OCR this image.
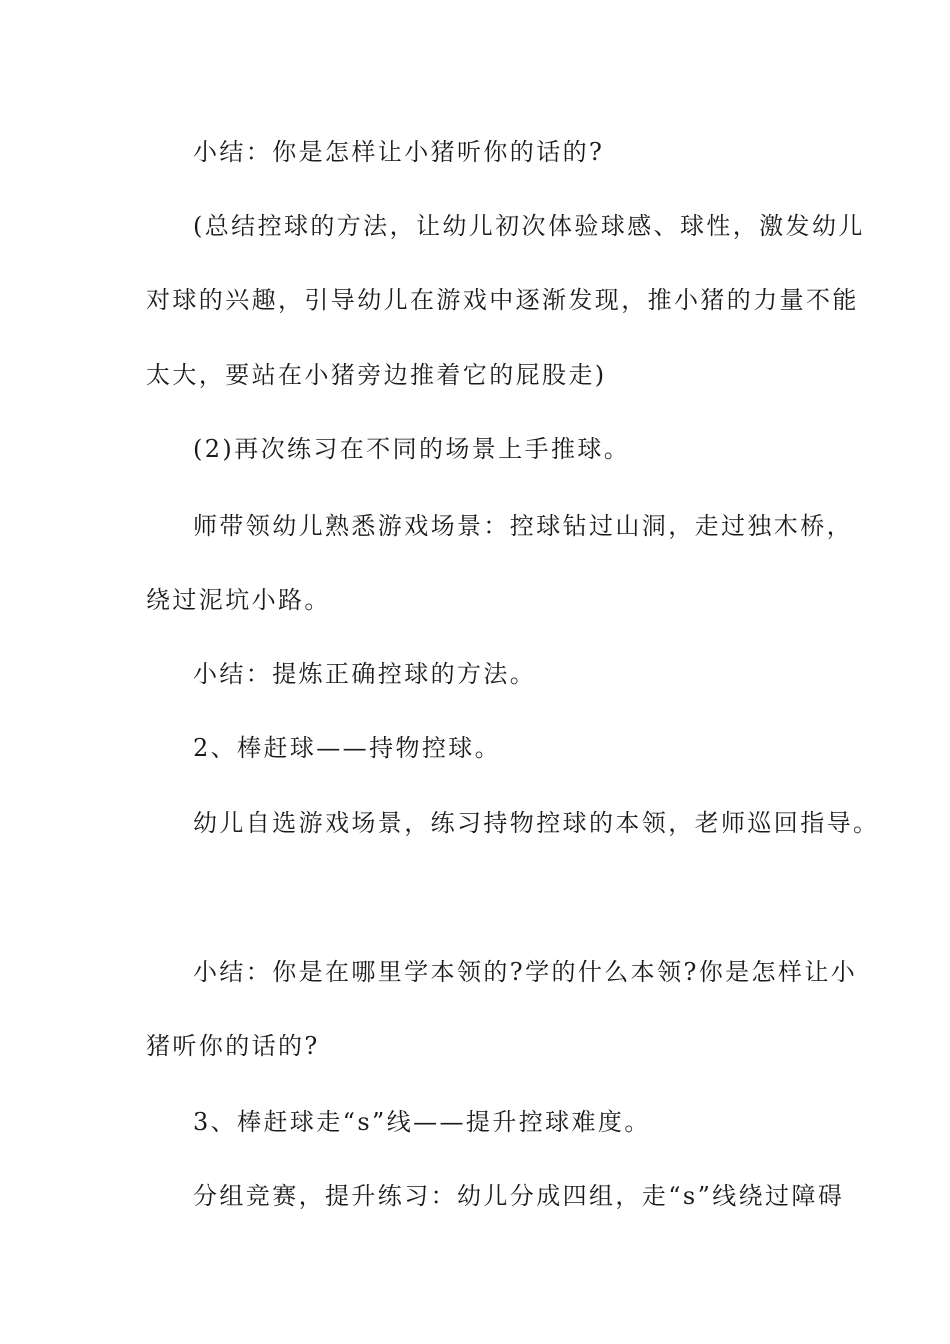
小结：你是怎样让小猪听你的话的?
(总结控球的方法，让幼儿初次体验球感、球性，激发幼儿
对球的兴趣，引导幼儿在游戏中逐渐发现，推小猪的力量不能
太大，要站在小猪旁边推着它的屁股走)
(2)再次练习在不同的场景上手推球。
师带领幼儿熟悉游戏场景：控球钻过山洞，走过独木桥，
绕过泥坑小路。
小结：提炼正确控球的方法。
2、棒赶球——持物控球。
幼儿自选游戏场景，练习持物控球的本领，老师巡回指导。
小结：你是在哪里学本领的?学的什么本领?你是怎样让小
猪听你的话的?
3、棒赶球走“s”线——提升控球难度。
分组竞赛，提升练习：幼儿分成四组，走“s”线绕过障碍
